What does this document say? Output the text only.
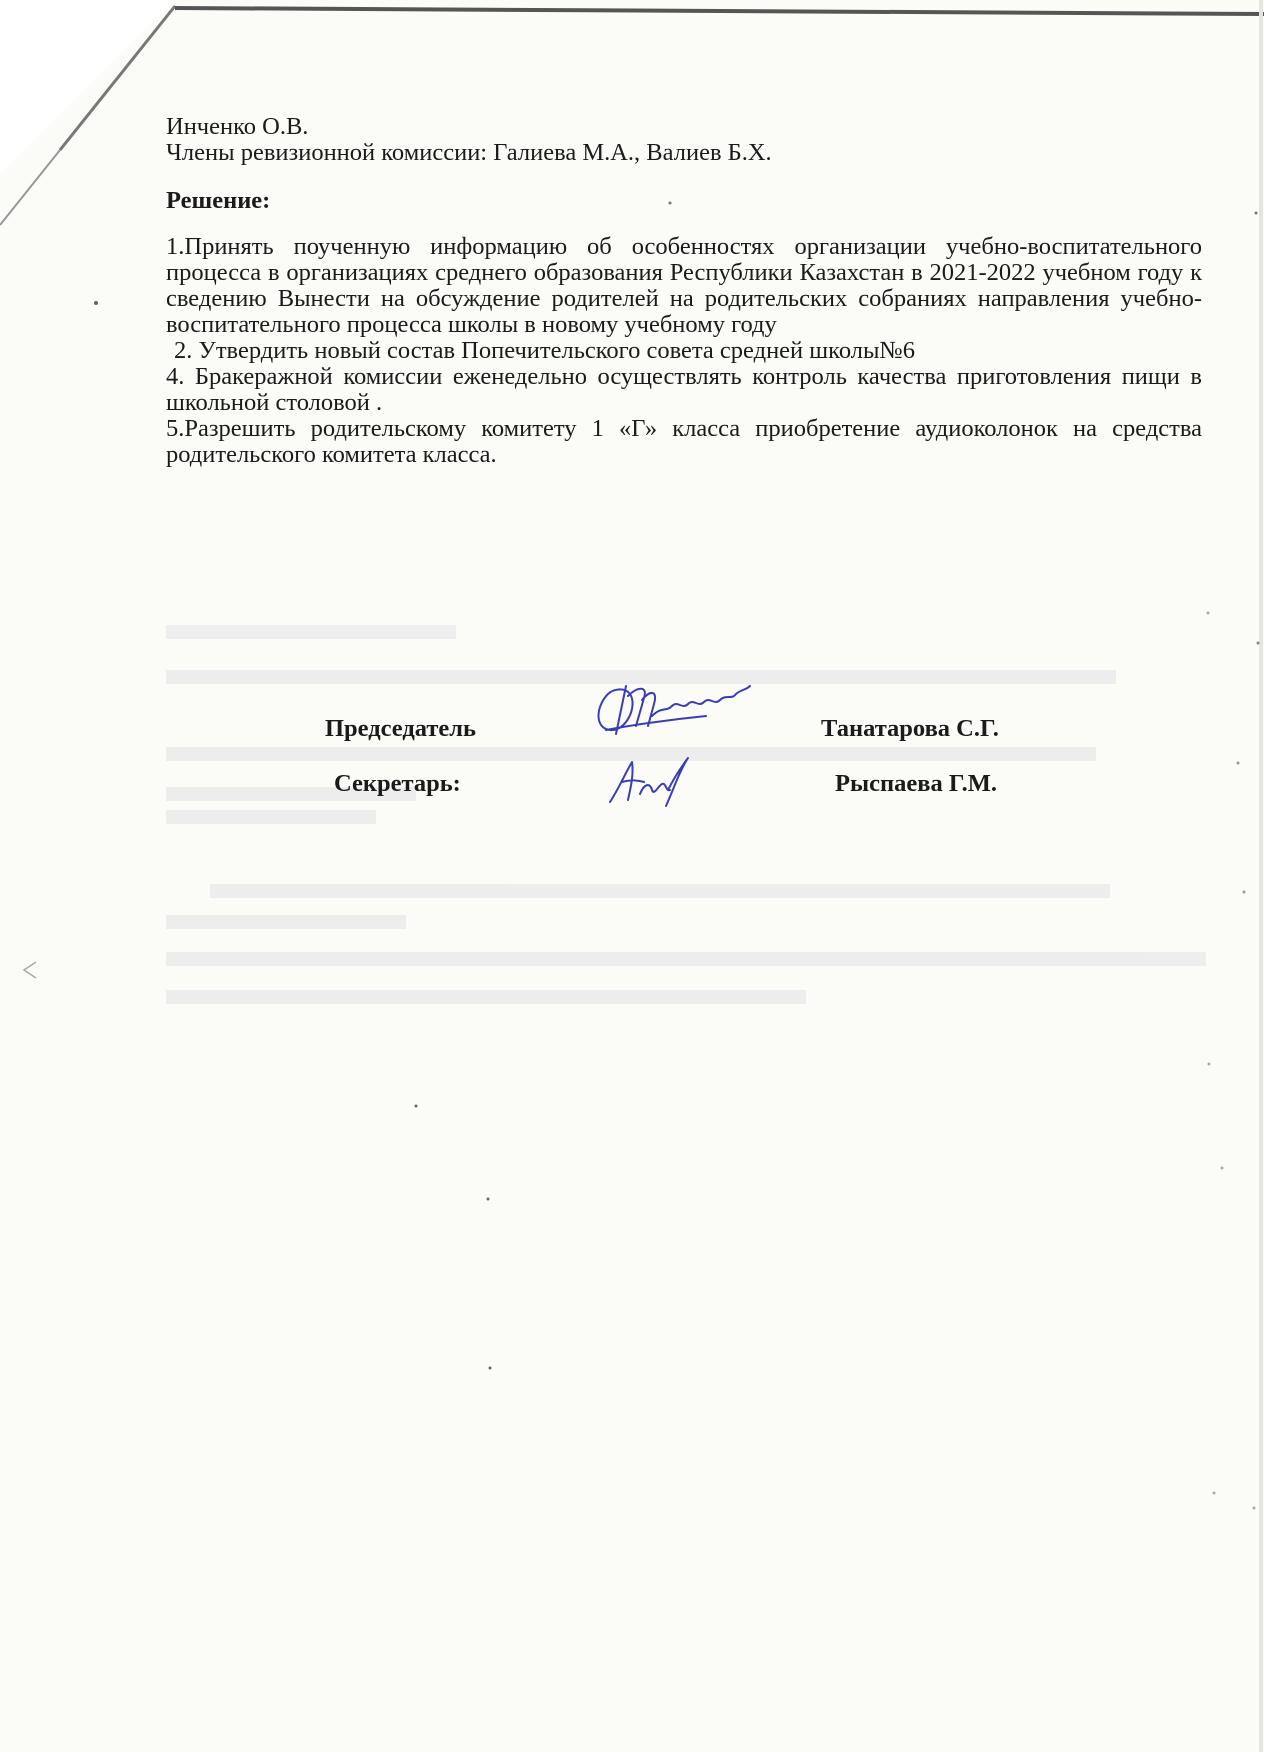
Инченко О.В.
Члены ревизионной комиссии: Галиева М.А., Валиев Б.Х.
Решение:

1.Принять поученную информацию об особенностях организации учебно-воспитательного процесса в организациях среднего образования Республики Казахстан в 2021-2022 учебном году к сведению Вынести на обсуждение родителей на родительских собраниях направления учебно-воспитательного процесса школы в новому учебному году

2. Утвердить новый состав Попечительского совета средней школы№6

4. Бракеражной комиссии еженедельно осуществлять контроль качества приготовления пищи в школьной столовой .

5.Разрешить родительскому комитету 1 «Г» класса приобретение аудиоколонок на средства родительского комитета класса.

Председатель	Танатарова С.Г.
Секретарь:	Рыспаева Г.М.
